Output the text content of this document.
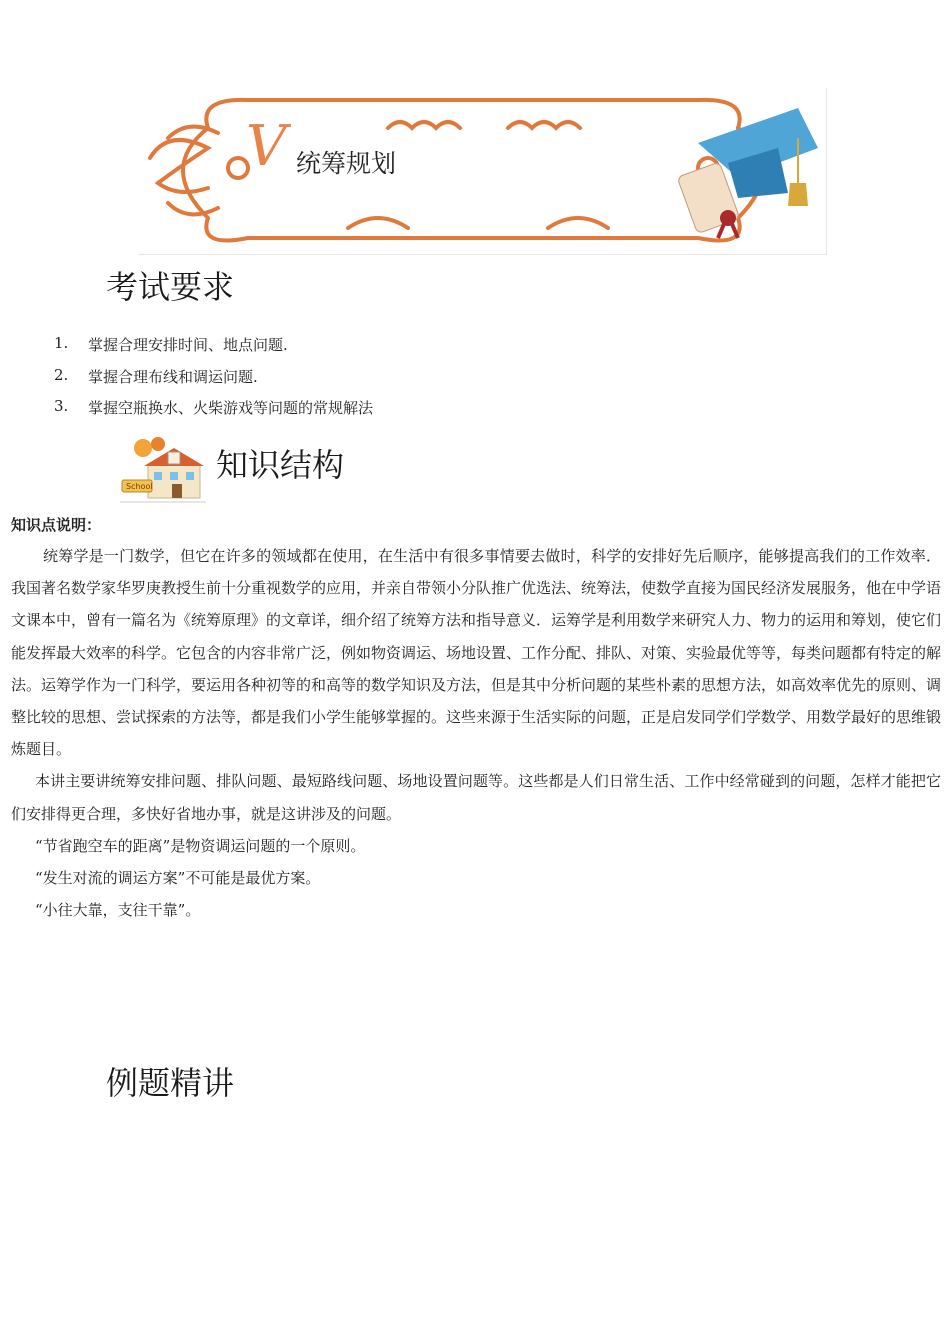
V 统筹规划
考试要求
1.	掌握合理安排时间、地点问题.
2.	掌握合理布线和调运问题.
3.	掌握空瓶换水、火柴游戏等问题的常规解法
School
知识结构
知识点说明：

统筹学是一门数学，但它在许多的领域都在使用，在生活中有很多事情要去做时，科学的安排好先后顺序，能够提高我们的工作效率．我国著名数学家华罗庚教授生前十分重视数学的应用，并亲自带领小分队推广优选法、统筹法，使数学直接为国民经济发展服务，他在中学语文课本中，曾有一篇名为《统筹原理》的文章详，细介绍了统筹方法和指导意义．运筹学是利用数学来研究人力、物力的运用和筹划，使它们能发挥最大效率的科学。它包含的内容非常广泛，例如物资调运、场地设置、工作分配、排队、对策、实验最优等等，每类问题都有特定的解法。运筹学作为一门科学，要运用各种初等的和高等的数学知识及方法，但是其中分析问题的某些朴素的思想方法，如高效率优先的原则、调整比较的思想、尝试探索的方法等，都是我们小学生能够掌握的。这些来源于生活实际的问题，正是启发同学们学数学、用数学最好的思维锻炼题目。

本讲主要讲统筹安排问题、排队问题、最短路线问题、场地设置问题等。这些都是人们日常生活、工作中经常碰到的问题，怎样才能把它们安排得更合理，多快好省地办事，就是这讲涉及的问题。

“节省跑空车的距离”是物资调运问题的一个原则。

“发生对流的调运方案”不可能是最优方案。

“小往大靠，支往干靠”。

例题精讲
